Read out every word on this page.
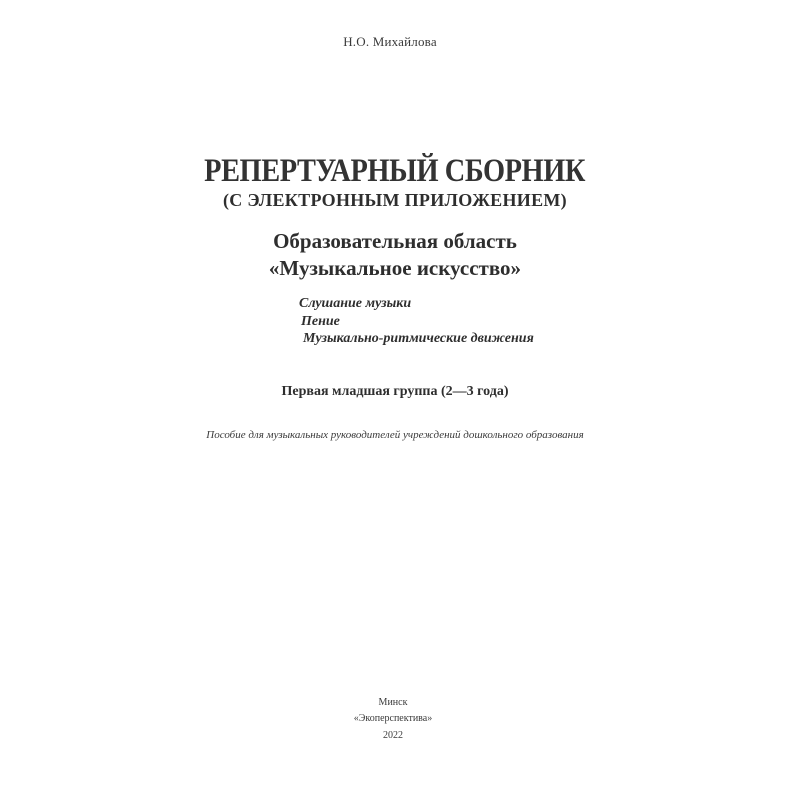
Н.О. Михайлова
РЕПЕРТУАРНЫЙ СБОРНИК
(С ЭЛЕКТРОННЫМ ПРИЛОЖЕНИЕМ)
Образовательная область
«Музыкальное искусство»
Слушание музыки
Пение
Музыкально-ритмические движения
Первая младшая группа (2—3 года)
Пособие для музыкальных руководителей учреждений дошкольного образования
Минск
«Экоперспектива»
2022
